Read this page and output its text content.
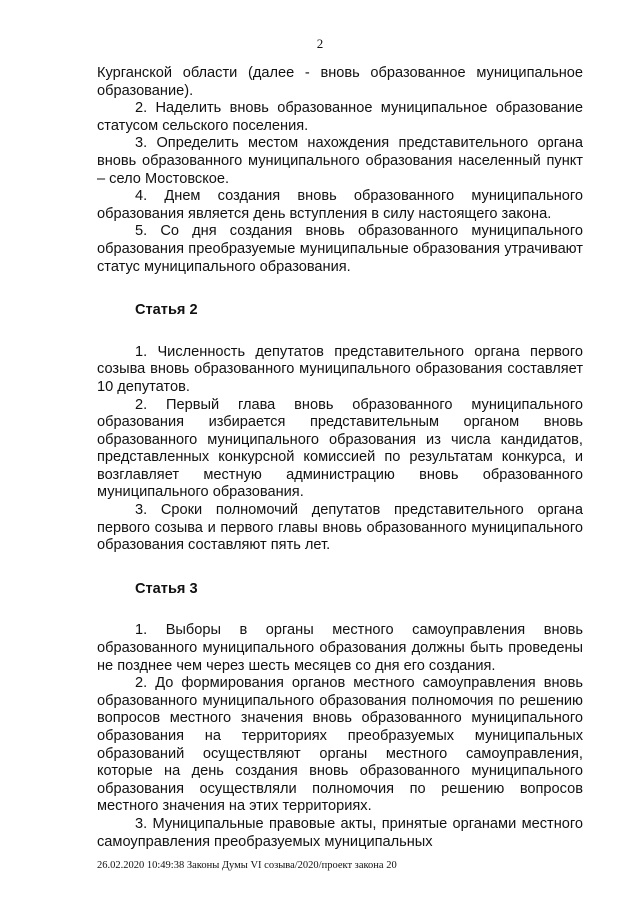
2

Курганской области (далее - вновь образованное муниципальное образование).

2. Наделить вновь образованное муниципальное образование статусом сельского поселения.

3. Определить местом нахождения представительного органа вновь образованного муниципального образования населенный пункт – село Мостовское.

4. Днем создания вновь образованного муниципального образования является день вступления в силу настоящего закона.

5. Со дня создания вновь образованного муниципального образования преобразуемые муниципальные образования утрачивают статус муниципального образования.

Статья 2

1. Численность депутатов представительного органа первого созыва вновь образованного муниципального образования составляет 10 депутатов.

2. Первый глава вновь образованного муниципального образования избирается представительным органом вновь образованного муниципального образования из числа кандидатов, представленных конкурсной комиссией по результатам конкурса, и возглавляет местную администрацию вновь образованного муниципального образования.

3. Сроки полномочий депутатов представительного органа первого созыва и первого главы вновь образованного муниципального образования составляют пять лет.

Статья 3

1. Выборы в органы местного самоуправления вновь образованного муниципального образования должны быть проведены не позднее чем через шесть месяцев со дня его создания.

2. До формирования органов местного самоуправления вновь образованного муниципального образования полномочия по решению вопросов местного значения вновь образованного муниципального образования на территориях преобразуемых муниципальных образований осуществляют органы местного самоуправления, которые на день создания вновь образованного муниципального образования осуществляли полномочия по решению вопросов местного значения на этих территориях.

3. Муниципальные правовые акты, принятые органами местного самоуправления преобразуемых муниципальных

26.02.2020 10:49:38 Законы Думы VI созыва/2020/проект закона 20
